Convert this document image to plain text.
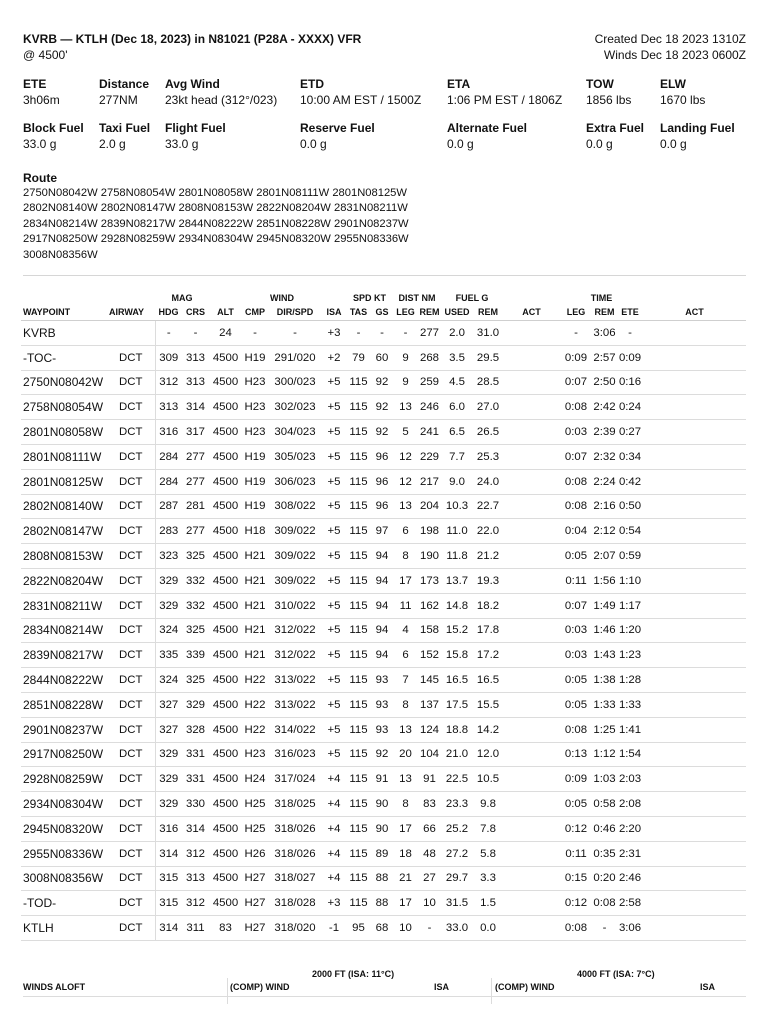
KVRB — KTLH (Dec 18, 2023) in N81021 (P28A - XXXX) VFR
@ 4500'
Created Dec 18 2023 1310Z
Winds Dec 18 2023 0600Z
ETE
3h06m
Distance
277NM
Avg Wind
23kt head (312°/023)
ETD
10:00 AM EST / 1500Z
ETA
1:06 PM EST / 1806Z
TOW
1856 lbs
ELW
1670 lbs
Block Fuel
33.0 g
Taxi Fuel
2.0 g
Flight Fuel
33.0 g
Reserve Fuel
0.0 g
Alternate Fuel
0.0 g
Extra Fuel
0.0 g
Landing Fuel
0.0 g
Route
2750N08042W 2758N08054W 2801N08058W 2801N08111W 2801N08125W
2802N08140W 2802N08147W 2808N08153W 2822N08204W 2831N08211W
2834N08214W 2839N08217W 2844N08222W 2851N08228W 2901N08237W
2917N08250W 2928N08259W 2934N08304W 2945N08320W 2955N08336W
3008N08356W
		MAG			WIND			SPD KT		DIST NM		FUEL G			TIME			
WAYPOINT	AIRWAY	HDG	CRS	ALT	CMP	DIR/SPD	ISA	TAS	GS	LEG	REM	USED	REM	ACT	LEG	REM	ETE	ACT
KVRB		-	-	24	-	-	+3	-	-	-	277	2.0	31.0		-	3:06	-	
-TOC-	DCT	309	313	4500	H19	291/020	+2	79	60	9	268	3.5	29.5		0:09	2:57	0:09	
2750N08042W	DCT	312	313	4500	H23	300/023	+5	115	92	9	259	4.5	28.5		0:07	2:50	0:16	
2758N08054W	DCT	313	314	4500	H23	302/023	+5	115	92	13	246	6.0	27.0		0:08	2:42	0:24	
2801N08058W	DCT	316	317	4500	H23	304/023	+5	115	92	5	241	6.5	26.5		0:03	2:39	0:27	
2801N08111W	DCT	284	277	4500	H19	305/023	+5	115	96	12	229	7.7	25.3		0:07	2:32	0:34	
2801N08125W	DCT	284	277	4500	H19	306/023	+5	115	96	12	217	9.0	24.0		0:08	2:24	0:42	
2802N08140W	DCT	287	281	4500	H19	308/022	+5	115	96	13	204	10.3	22.7		0:08	2:16	0:50	
2802N08147W	DCT	283	277	4500	H18	309/022	+5	115	97	6	198	11.0	22.0		0:04	2:12	0:54	
2808N08153W	DCT	323	325	4500	H21	309/022	+5	115	94	8	190	11.8	21.2		0:05	2:07	0:59	
2822N08204W	DCT	329	332	4500	H21	309/022	+5	115	94	17	173	13.7	19.3		0:11	1:56	1:10	
2831N08211W	DCT	329	332	4500	H21	310/022	+5	115	94	11	162	14.8	18.2		0:07	1:49	1:17	
2834N08214W	DCT	324	325	4500	H21	312/022	+5	115	94	4	158	15.2	17.8		0:03	1:46	1:20	
2839N08217W	DCT	335	339	4500	H21	312/022	+5	115	94	6	152	15.8	17.2		0:03	1:43	1:23	
2844N08222W	DCT	324	325	4500	H22	313/022	+5	115	93	7	145	16.5	16.5		0:05	1:38	1:28	
2851N08228W	DCT	327	329	4500	H22	313/022	+5	115	93	8	137	17.5	15.5		0:05	1:33	1:33	
2901N08237W	DCT	327	328	4500	H22	314/022	+5	115	93	13	124	18.8	14.2		0:08	1:25	1:41	
2917N08250W	DCT	329	331	4500	H23	316/023	+5	115	92	20	104	21.0	12.0		0:13	1:12	1:54	
2928N08259W	DCT	329	331	4500	H24	317/024	+4	115	91	13	91	22.5	10.5		0:09	1:03	2:03	
2934N08304W	DCT	329	330	4500	H25	318/025	+4	115	90	8	83	23.3	9.8		0:05	0:58	2:08	
2945N08320W	DCT	316	314	4500	H25	318/026	+4	115	90	17	66	25.2	7.8		0:12	0:46	2:20	
2955N08336W	DCT	314	312	4500	H26	318/026	+4	115	89	18	48	27.2	5.8		0:11	0:35	2:31	
3008N08356W	DCT	315	313	4500	H27	318/027	+4	115	88	21	27	29.7	3.3		0:15	0:20	2:46	
-TOD-	DCT	315	312	4500	H27	318/028	+3	115	88	17	10	31.5	1.5		0:12	0:08	2:58	
KTLH	DCT	314	311	83	H27	318/020	-1	95	68	10	-	33.0	0.0		0:08	-	3:06	
WINDS ALOFT
2000 FT (ISA: 11°C)	4000 FT (ISA: 7°C)
(COMP) WIND	ISA	(COMP) WIND	ISA
